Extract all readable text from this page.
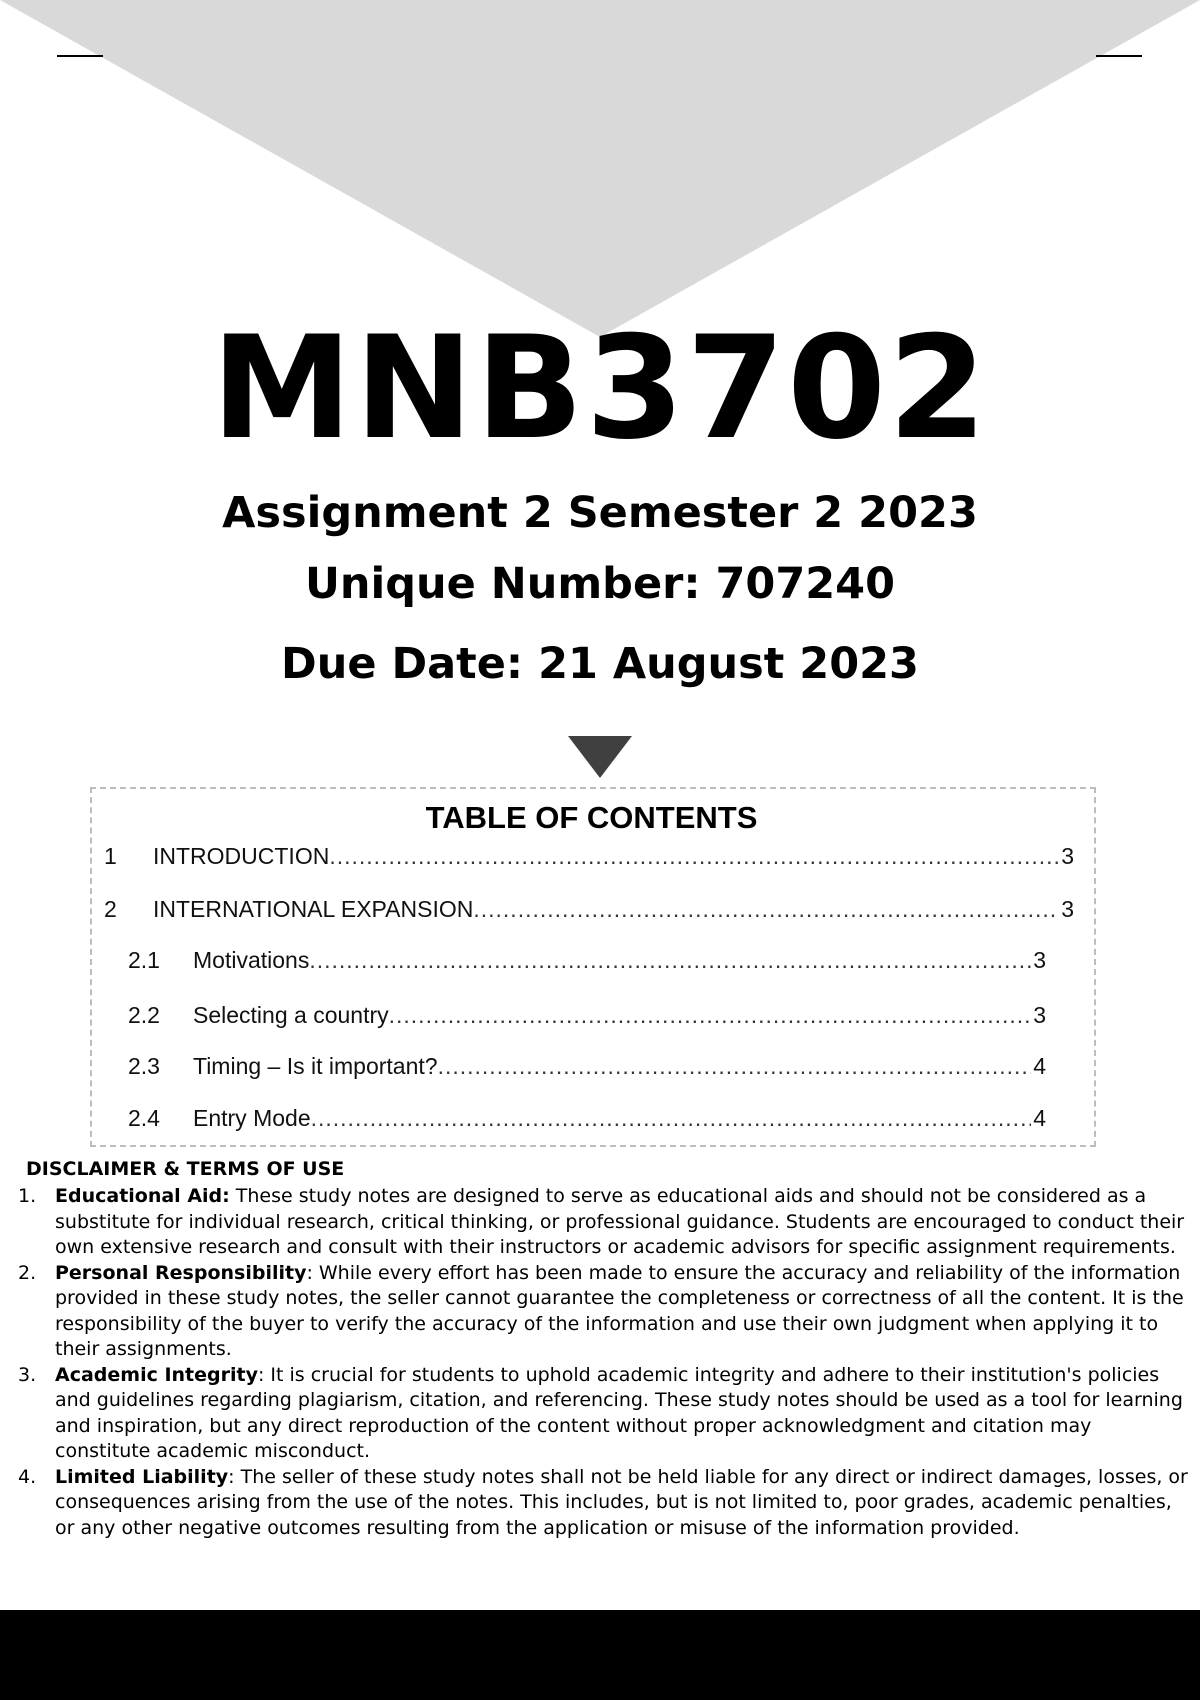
MNB3702
Assignment 2 Semester 2 2023
Unique Number: 707240
Due Date: 21 August 2023
TABLE OF CONTENTS
1	INTRODUCTION .....	3
2	INTERNATIONAL EXPANSION .....	3
2.1	Motivations .....	3
2.2	Selecting a country .....	3
2.3	Timing – Is it important? .....	4
2.4	Entry Mode .....	4
DISCLAIMER & TERMS OF USE
1. Educational Aid: These study notes are designed to serve as educational aids and should not be considered as a substitute for individual research, critical thinking, or professional guidance. Students are encouraged to conduct their own extensive research and consult with their instructors or academic advisors for specific assignment requirements.
2. Personal Responsibility: While every effort has been made to ensure the accuracy and reliability of the information provided in these study notes, the seller cannot guarantee the completeness or correctness of all the content. It is the responsibility of the buyer to verify the accuracy of the information and use their own judgment when applying it to their assignments.
3. Academic Integrity: It is crucial for students to uphold academic integrity and adhere to their institution's policies and guidelines regarding plagiarism, citation, and referencing. These study notes should be used as a tool for learning and inspiration, but any direct reproduction of the content without proper acknowledgment and citation may constitute academic misconduct.
4. Limited Liability: The seller of these study notes shall not be held liable for any direct or indirect damages, losses, or consequences arising from the use of the notes. This includes, but is not limited to, poor grades, academic penalties, or any other negative outcomes resulting from the application or misuse of the information provided.
